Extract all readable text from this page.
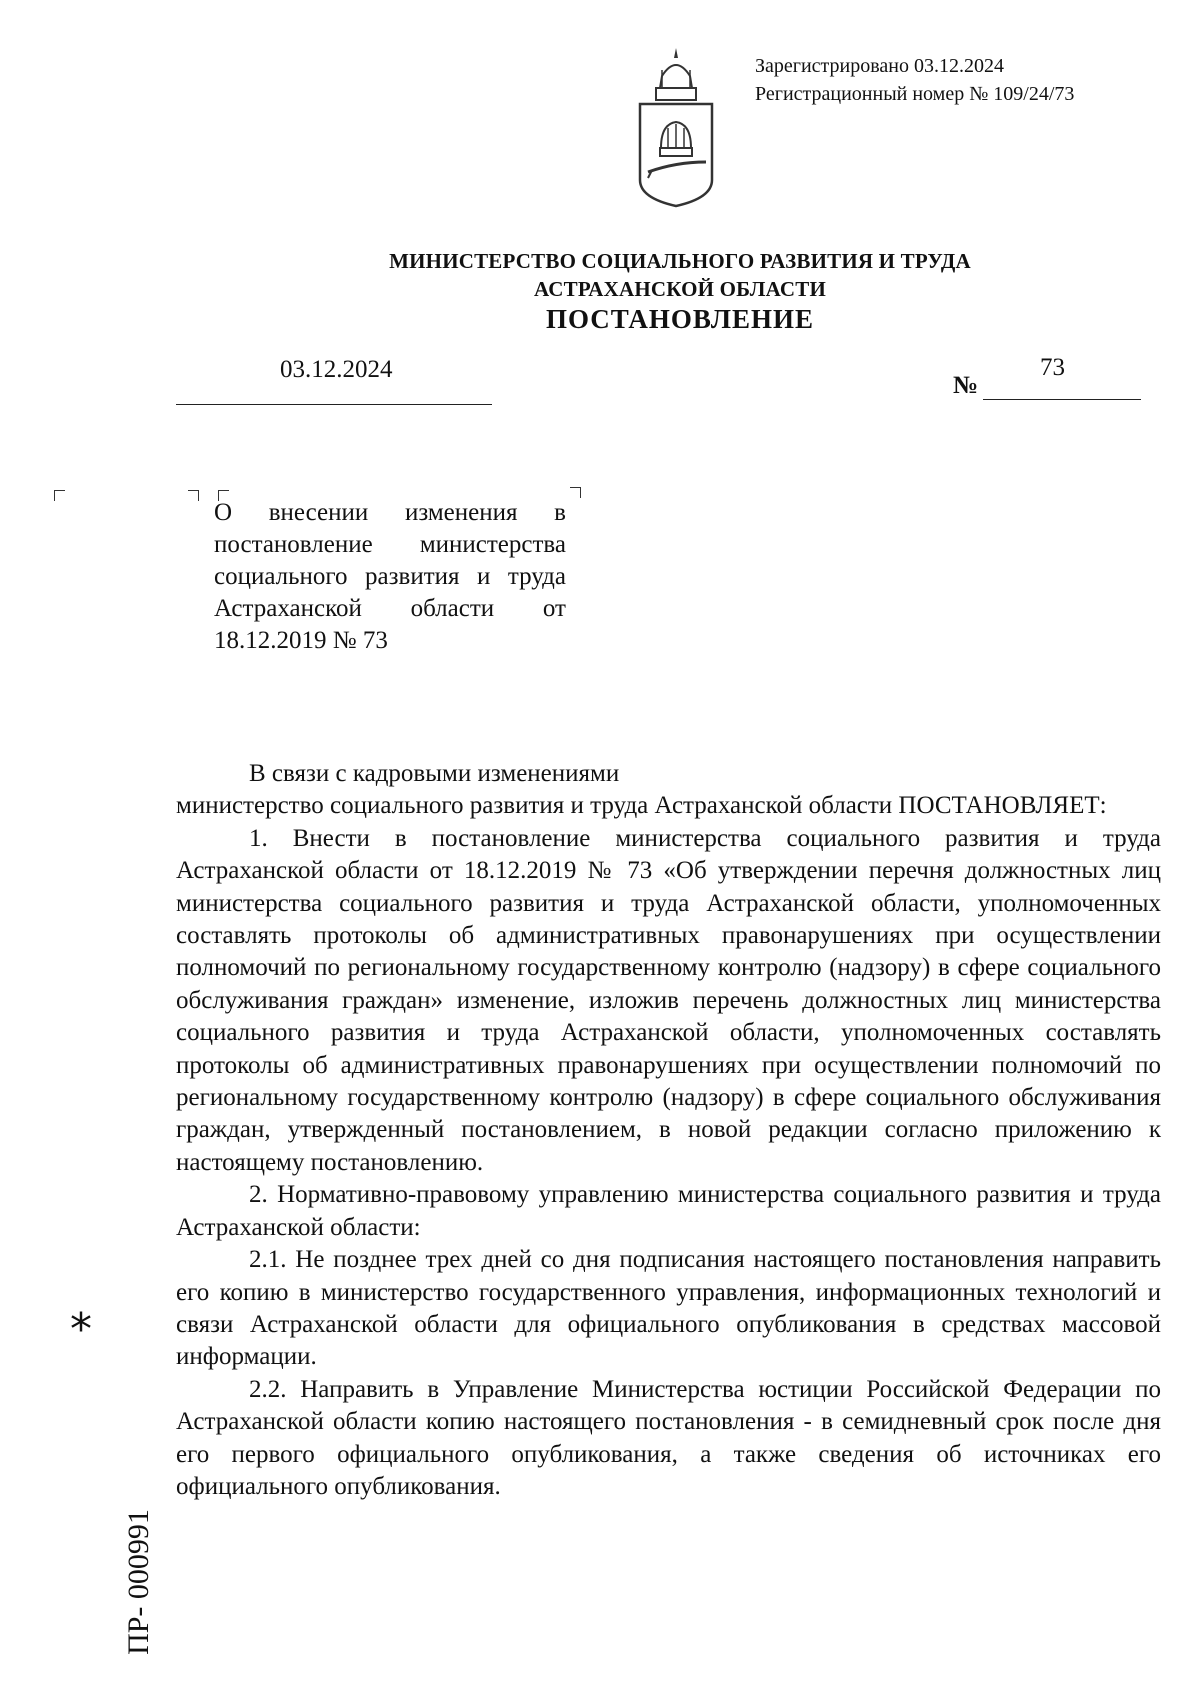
Зарегистрировано 03.12.2024
Регистрационный номер № 109/24/73
МИНИСТЕРСТВО СОЦИАЛЬНОГО РАЗВИТИЯ И ТРУДА
АСТРАХАНСКОЙ ОБЛАСТИ
ПОСТАНОВЛЕНИЕ
03.12.2024
№
73

О внесении изменения в постановление министерства социального развития и труда Астраханской области от 18.12.2019 № 73

В связи с кадровыми изменениями

министерство социального развития и труда Астраханской области ПОСТАНОВЛЯЕТ:

1. Внести в постановление министерства социального развития и труда Астраханской области от 18.12.2019 № 73 «Об утверждении перечня должностных лиц министерства социального развития и труда Астраханской области, уполномоченных составлять протоколы об административных правонарушениях при осуществлении полномочий по региональному государственному контролю (надзору) в сфере социального обслуживания граждан» изменение, изложив перечень должностных лиц министерства социального развития и труда Астраханской области, уполномоченных составлять протоколы об административных правонарушениях при осуществлении полномочий по региональному государственному контролю (надзору) в сфере социального обслуживания граждан, утвержденный постановлением, в новой редакции согласно приложению к настоящему постановлению.

2. Нормативно-правовому управлению министерства социального развития и труда Астраханской области:

2.1. Не позднее трех дней со дня подписания настоящего постановления направить его копию в министерство государственного управления, информационных технологий и связи Астраханской области для официального опубликования в средствах массовой информации.

2.2. Направить в Управление Министерства юстиции Российской Федерации по Астраханской области копию настоящего постановления - в семидневный срок после дня его первого официального опубликования, а также сведения об источниках его официального опубликования.

*
ПР- 000991
